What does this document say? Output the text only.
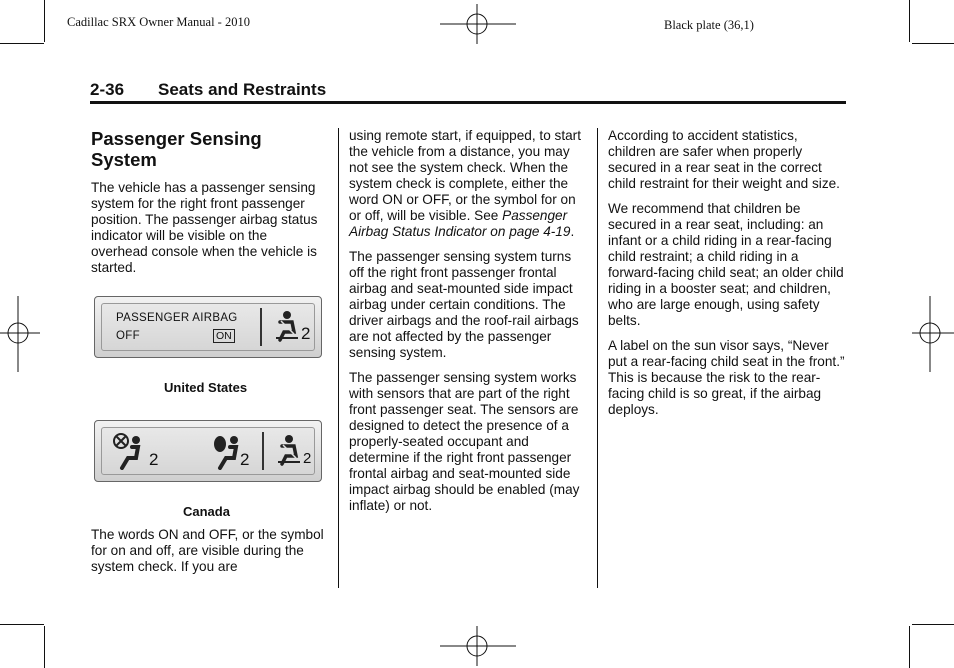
Cadillac SRX Owner Manual - 2010	Black plate (36,1)
2-36 Seats and Restraints
Passenger Sensing System

The vehicle has a passenger sensing system for the right front passenger position. The passenger airbag status indicator will be visible on the overhead console when the vehicle is started.

PASSENGER AIRBAG
OFF	ON	2
United States
2	2	2
Canada

The words ON and OFF, or the symbol for on and off, are visible during the system check. If you are

using remote start, if equipped, to start the vehicle from a distance, you may not see the system check. When the system check is complete, either the word ON or OFF, or the symbol for on or off, will be visible. See Passenger Airbag Status Indicator on page 4-19.

The passenger sensing system turns off the right front passenger frontal airbag and seat-mounted side impact airbag under certain conditions. The driver airbags and the roof-rail airbags are not affected by the passenger sensing system.

The passenger sensing system works with sensors that are part of the right front passenger seat. The sensors are designed to detect the presence of a properly-seated occupant and determine if the right front passenger frontal airbag and seat-mounted side impact airbag should be enabled (may inflate) or not.

According to accident statistics, children are safer when properly secured in a rear seat in the correct child restraint for their weight and size.

We recommend that children be secured in a rear seat, including: an infant or a child riding in a rear-facing child restraint; a child riding in a forward-facing child seat; an older child riding in a booster seat; and children, who are large enough, using safety belts.

A label on the sun visor says, “Never put a rear-facing child seat in the front.” This is because the risk to the rear-facing child is so great, if the airbag deploys.
